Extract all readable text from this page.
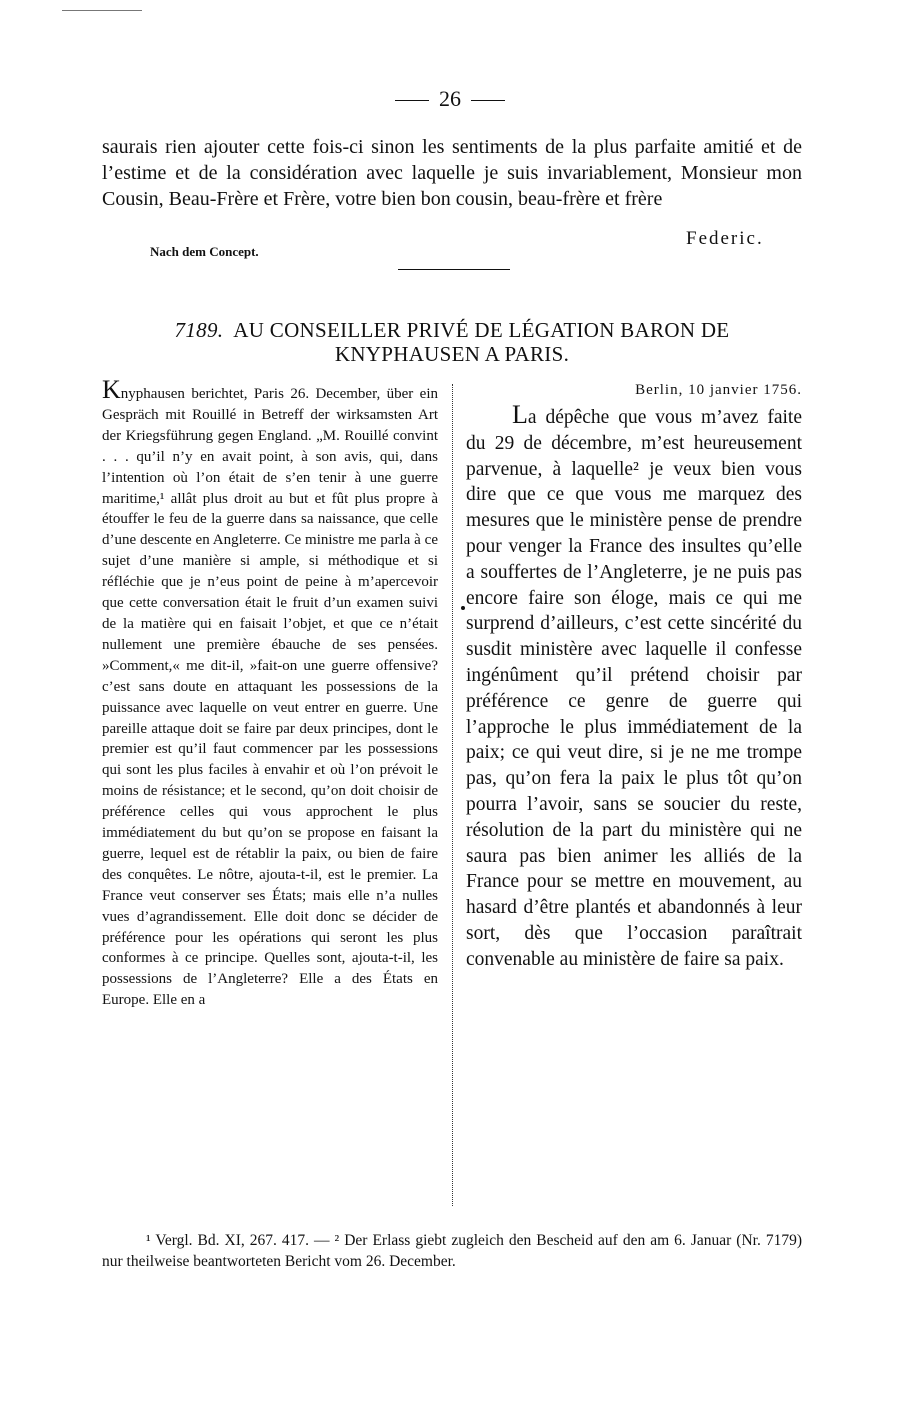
26
saurais rien ajouter cette fois-ci sinon les sentiments de la plus parfaite amitié et de l’estime et de la considération avec laquelle je suis invariablement, Monsieur mon Cousin, Beau-Frère et Frère, votre bien bon cousin, beau-frère et frère
Federic.
Nach dem Concept.
7189. AU CONSEILLER PRIVÉ DE LÉGATION BARON DE KNYPHAUSEN A PARIS.
Knyphausen berichtet, Paris 26. December, über ein Gespräch mit Rouillé in Betreff der wirksamsten Art der Kriegsführung gegen England. „M. Rouillé convint . . . qu’il n’y en avait point, à son avis, qui, dans l’intention où l’on était de s’en tenir à une guerre maritime,¹ allât plus droit au but et fût plus propre à étouffer le feu de la guerre dans sa naissance, que celle d’une descente en Angleterre. Ce ministre me parla à ce sujet d’une manière si ample, si méthodique et si réfléchie que je n’eus point de peine à m’apercevoir que cette conversation était le fruit d’un examen suivi de la matière qui en faisait l’objet, et que ce n’était nullement une première ébauche de ses pensées. »Comment,« me dit-il, »fait-on une guerre offensive? c’est sans doute en attaquant les possessions de la puissance avec laquelle on veut entrer en guerre. Une pareille attaque doit se faire par deux principes, dont le premier est qu’il faut commencer par les possessions qui sont les plus faciles à envahir et où l’on prévoit le moins de résistance; et le second, qu’on doit choisir de préférence celles qui vous approchent le plus immédiatement du but qu’on se propose en faisant la guerre, lequel est de rétablir la paix, ou bien de faire des conquêtes. Le nôtre, ajouta-t-il, est le premier. La France veut conserver ses États; mais elle n’a nulles vues d’agrandissement. Elle doit donc se décider de préférence pour les opérations qui seront les plus conformes à ce principe. Quelles sont, ajouta-t-il, les possessions de l’Angleterre? Elle a des États en Europe. Elle en a
Berlin, 10 janvier 1756.
La dépêche que vous m’avez faite du 29 de décembre, m’est heureusement parvenue, à laquelle² je veux bien vous dire que ce que vous me marquez des mesures que le ministère pense de prendre pour venger la France des insultes qu’elle a souffertes de l’Angleterre, je ne puis pas encore faire son éloge, mais ce qui me surprend d’ailleurs, c’est cette sincérité du susdit ministère avec laquelle il confesse ingénûment qu’il prétend choisir par préférence ce genre de guerre qui l’approche le plus immédiatement de la paix; ce qui veut dire, si je ne me trompe pas, qu’on fera la paix le plus tôt qu’on pourra l’avoir, sans se soucier du reste, résolution de la part du ministère qui ne saura pas bien animer les alliés de la France pour se mettre en mouvement, au hasard d’être plantés et abandonnés à leur sort, dès que l’occasion paraîtrait convenable au ministère de faire sa paix.
¹ Vergl. Bd. XI, 267. 417. — ² Der Erlass giebt zugleich den Bescheid auf den am 6. Januar (Nr. 7179) nur theilweise beantworteten Bericht vom 26. December.
